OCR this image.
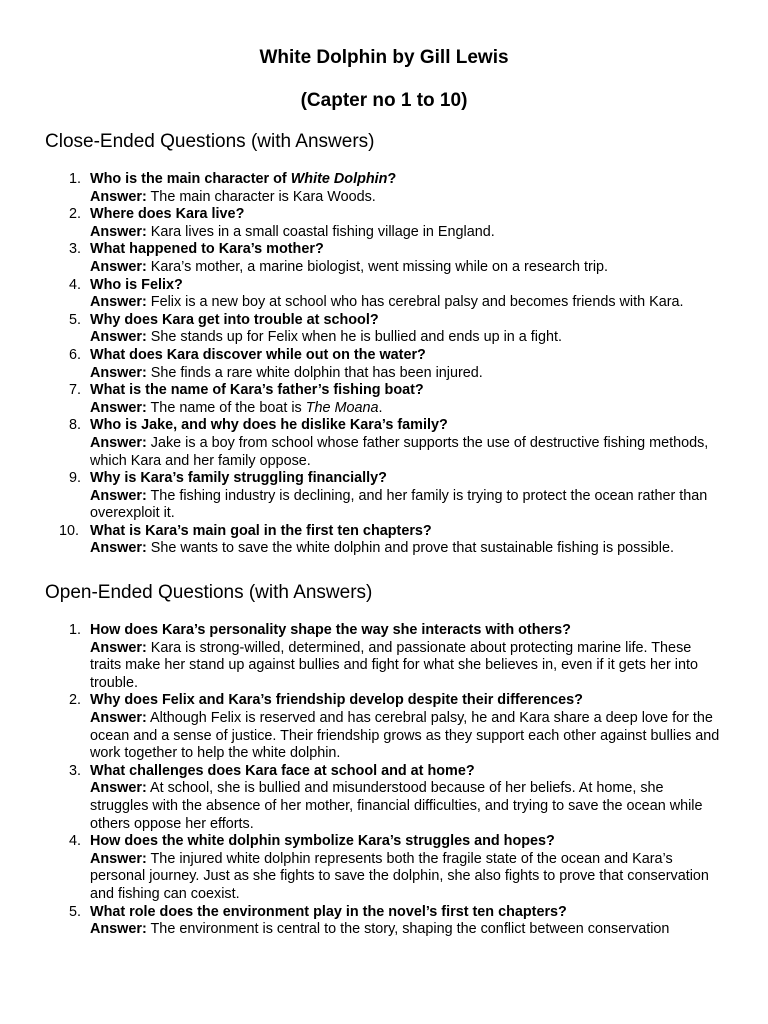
White Dolphin by Gill Lewis
(Capter no 1 to 10)
Close-Ended Questions (with Answers)
1. Who is the main character of White Dolphin?
Answer: The main character is Kara Woods.
2. Where does Kara live?
Answer: Kara lives in a small coastal fishing village in England.
3. What happened to Kara’s mother?
Answer: Kara’s mother, a marine biologist, went missing while on a research trip.
4. Who is Felix?
Answer: Felix is a new boy at school who has cerebral palsy and becomes friends with Kara.
5. Why does Kara get into trouble at school?
Answer: She stands up for Felix when he is bullied and ends up in a fight.
6. What does Kara discover while out on the water?
Answer: She finds a rare white dolphin that has been injured.
7. What is the name of Kara’s father’s fishing boat?
Answer: The name of the boat is The Moana.
8. Who is Jake, and why does he dislike Kara’s family?
Answer: Jake is a boy from school whose father supports the use of destructive fishing methods, which Kara and her family oppose.
9. Why is Kara’s family struggling financially?
Answer: The fishing industry is declining, and her family is trying to protect the ocean rather than overexploit it.
10. What is Kara’s main goal in the first ten chapters?
Answer: She wants to save the white dolphin and prove that sustainable fishing is possible.
Open-Ended Questions (with Answers)
1. How does Kara’s personality shape the way she interacts with others?
Answer: Kara is strong-willed, determined, and passionate about protecting marine life. These traits make her stand up against bullies and fight for what she believes in, even if it gets her into trouble.
2. Why does Felix and Kara’s friendship develop despite their differences?
Answer: Although Felix is reserved and has cerebral palsy, he and Kara share a deep love for the ocean and a sense of justice. Their friendship grows as they support each other against bullies and work together to help the white dolphin.
3. What challenges does Kara face at school and at home?
Answer: At school, she is bullied and misunderstood because of her beliefs. At home, she struggles with the absence of her mother, financial difficulties, and trying to save the ocean while others oppose her efforts.
4. How does the white dolphin symbolize Kara’s struggles and hopes?
Answer: The injured white dolphin represents both the fragile state of the ocean and Kara’s personal journey. Just as she fights to save the dolphin, she also fights to prove that conservation and fishing can coexist.
5. What role does the environment play in the novel’s first ten chapters?
Answer: The environment is central to the story, shaping the conflict between conservation
